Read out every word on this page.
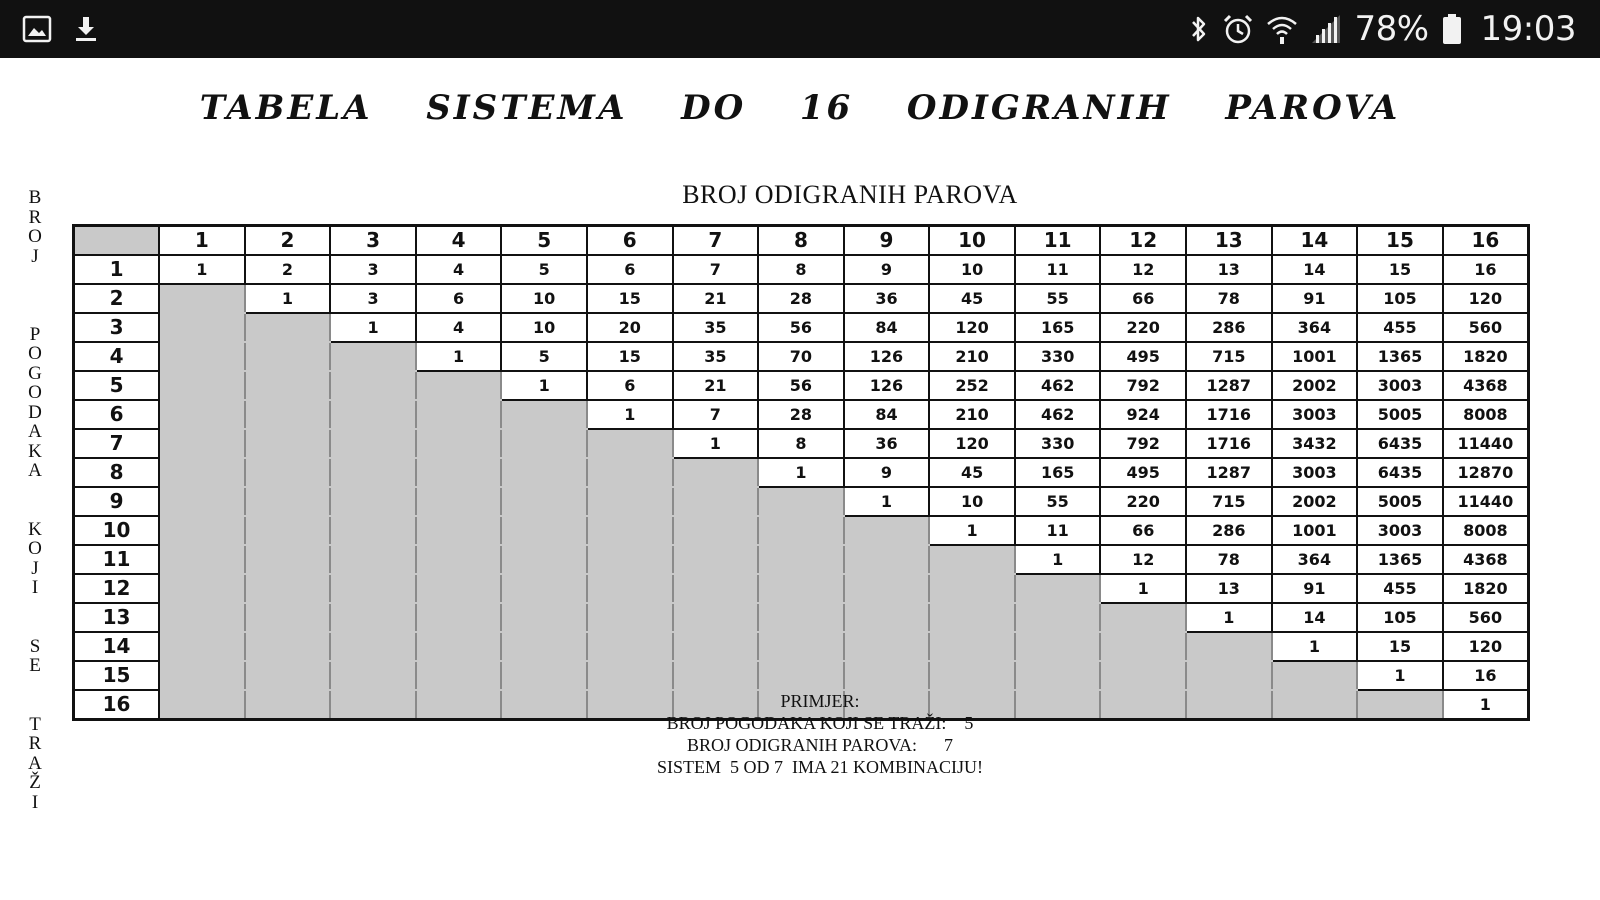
78% 19:03
TABELA  SISTEMA  DO  16  ODIGRANIH  PAROVA
BROJ ODIGRANIH PAROVA
B
R
O
J

P
O
G
O
D
A
K
A

K
O
J
I

S
E

T
R
A
Ž
I
	1	2	3	4	5	6	7	8	9	10	11	12	13	14	15	16
1	1	2	3	4	5	6	7	8	9	10	11	12	13	14	15	16
2		1	3	6	10	15	21	28	36	45	55	66	78	91	105	120
3			1	4	10	20	35	56	84	120	165	220	286	364	455	560
4				1	5	15	35	70	126	210	330	495	715	1001	1365	1820
5					1	6	21	56	126	252	462	792	1287	2002	3003	4368
6						1	7	28	84	210	462	924	1716	3003	5005	8008
7							1	8	36	120	330	792	1716	3432	6435	11440
8								1	9	45	165	495	1287	3003	6435	12870
9									1	10	55	220	715	2002	5005	11440
10										1	11	66	286	1001	3003	8008
11											1	12	78	364	1365	4368
12												1	13	91	455	1820
13													1	14	105	560
14														1	15	120
15															1	16
16																1
PRIMJER:
BROJ POGODAKA KOJI SE TRAŽI:    5
BROJ ODIGRANIH PAROVA:      7
SISTEM  5 OD 7  IMA 21 KOMBINACIJU!
